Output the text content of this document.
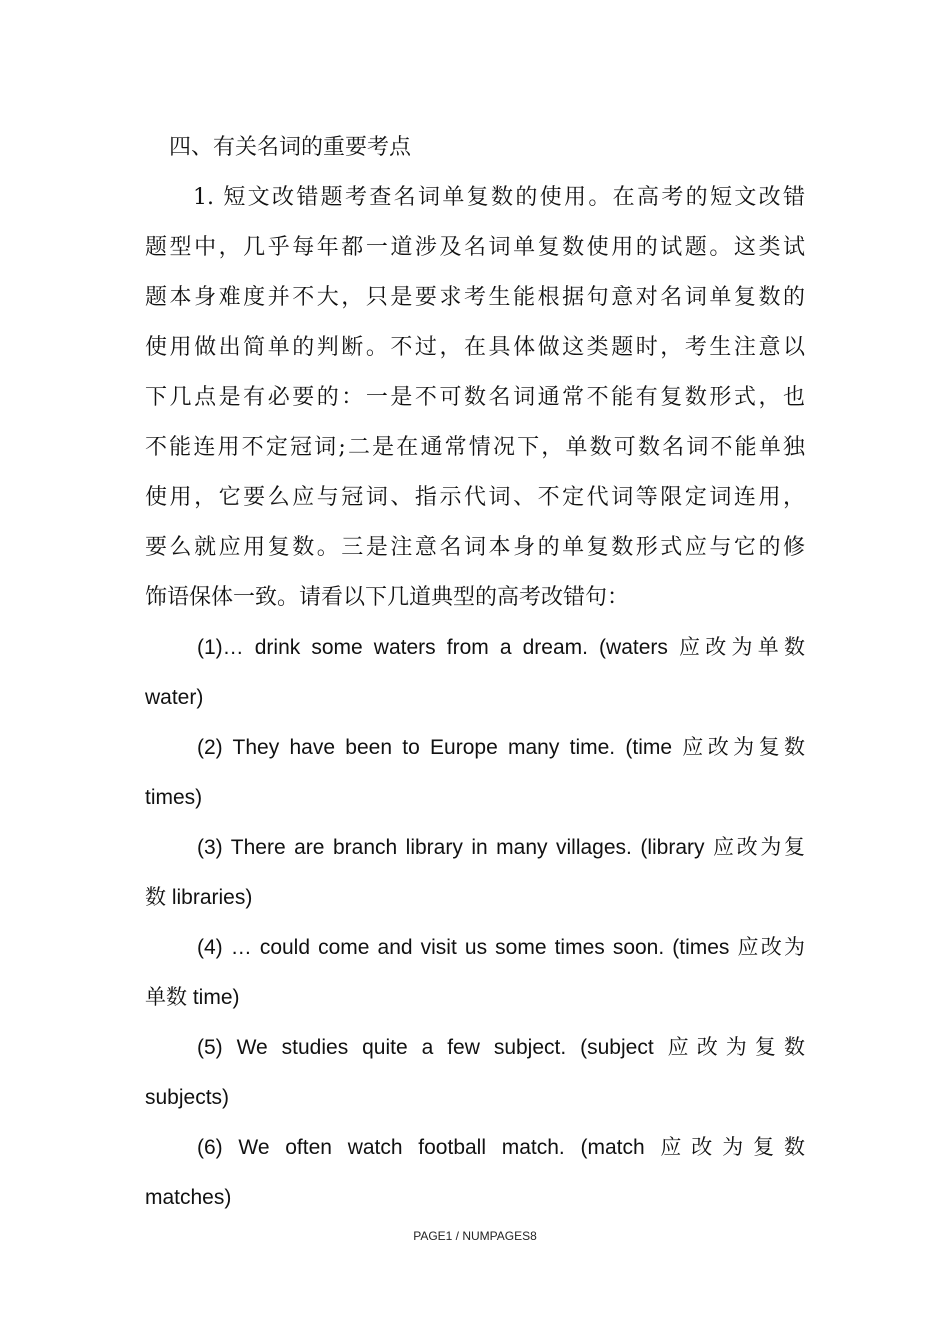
四、有关名词的重要考点
1. 短文改错题考查名词单复数的使用。在高考的短文改错
题型中，几乎每年都一道涉及名词单复数使用的试题。这类试
题本身难度并不大，只是要求考生能根据句意对名词单复数的
使用做出简单的判断。不过，在具体做这类题时，考生注意以
下几点是有必要的：一是不可数名词通常不能有复数形式，也
不能连用不定冠词;二是在通常情况下，单数可数名词不能单独
使用，它要么应与冠词、指示代词、不定代词等限定词连用，
要么就应用复数。三是注意名词本身的单复数形式应与它的修
饰语保体一致。请看以下几道典型的高考改错句：
(1)… drink some waters from a dream. (waters 应改为单数
water)
(2) They have been to Europe many time. (time 应改为复数
times)
(3) There are branch library in many villages. (library 应改为复
数 libraries)
(4) … could come and visit us some times soon. (times 应改为
单数 time)
(5) We studies quite a few subject. (subject 应改为复数
subjects)
(6) We often watch football match. (match 应改为复数
matches)
PAGE1 / NUMPAGES8
